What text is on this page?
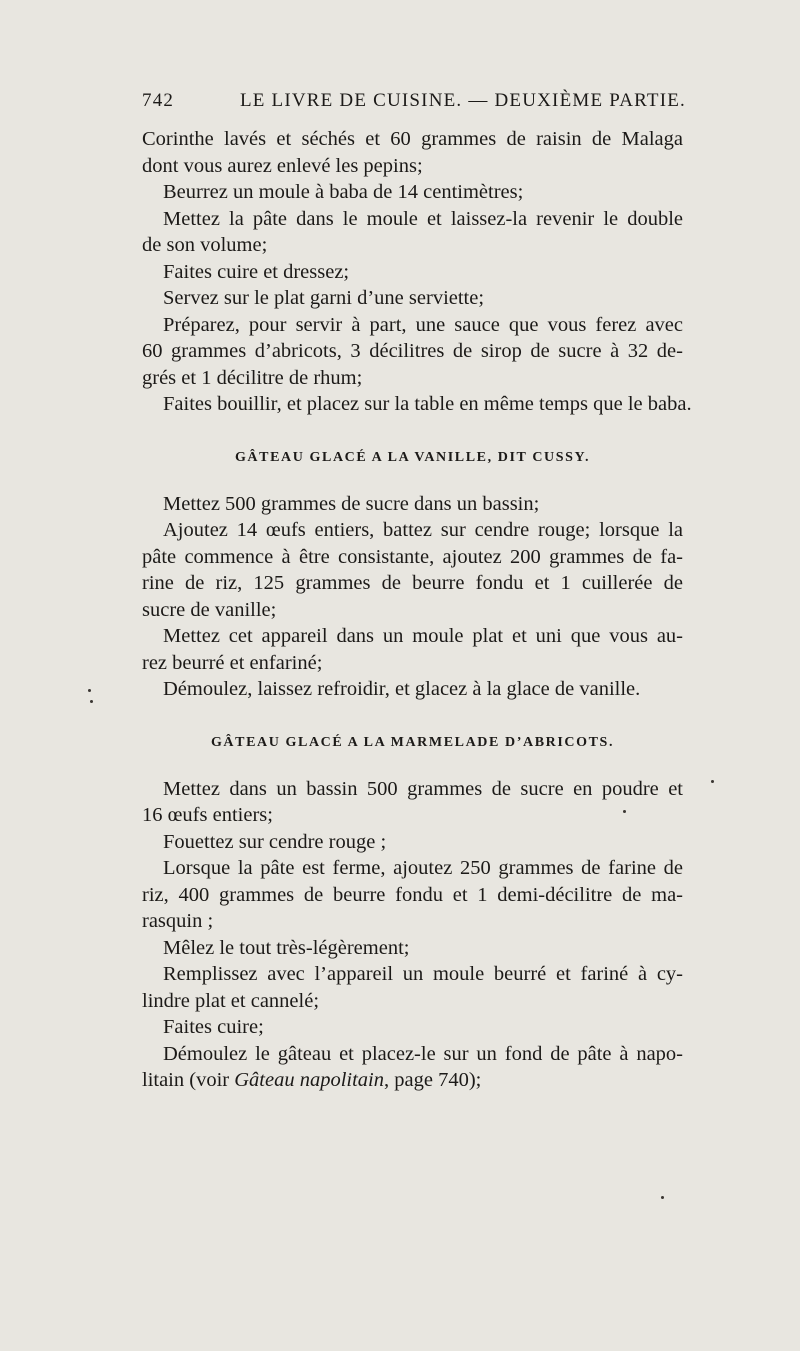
742	LE LIVRE DE CUISINE. — DEUXIÈME PARTIE.
Corinthe lavés et séchés et 60 grammes de raisin de Malaga
dont vous aurez enlevé les pepins;
Beurrez un moule à baba de 14 centimètres;
Mettez la pâte dans le moule et laissez-la revenir le double
de son volume;
Faites cuire et dressez;
Servez sur le plat garni d’une serviette;
Préparez, pour servir à part, une sauce que vous ferez avec
60 grammes d’abricots, 3 décilitres de sirop de sucre à 32 de-
grés et 1 décilitre de rhum;
Faites bouillir, et placez sur la table en même temps que le baba.
GÂTEAU GLACÉ A LA VANILLE, DIT CUSSY.
Mettez 500 grammes de sucre dans un bassin;
Ajoutez 14 œufs entiers, battez sur cendre rouge; lorsque la
pâte commence à être consistante, ajoutez 200 grammes de fa-
rine de riz, 125 grammes de beurre fondu et 1 cuillerée de
sucre de vanille;
Mettez cet appareil dans un moule plat et uni que vous au-
rez beurré et enfariné;
Démoulez, laissez refroidir, et glacez à la glace de vanille.
GÂTEAU GLACÉ A LA MARMELADE D’ABRICOTS.
Mettez dans un bassin 500 grammes de sucre en poudre et
16 œufs entiers;
Fouettez sur cendre rouge ;
Lorsque la pâte est ferme, ajoutez 250 grammes de farine de
riz, 400 grammes de beurre fondu et 1 demi-décilitre de ma-
rasquin ;
Mêlez le tout très-légèrement;
Remplissez avec l’appareil un moule beurré et fariné à cy-
lindre plat et cannelé;
Faites cuire;
Démoulez le gâteau et placez-le sur un fond de pâte à napo-
litain (voir Gâteau napolitain, page 740);
